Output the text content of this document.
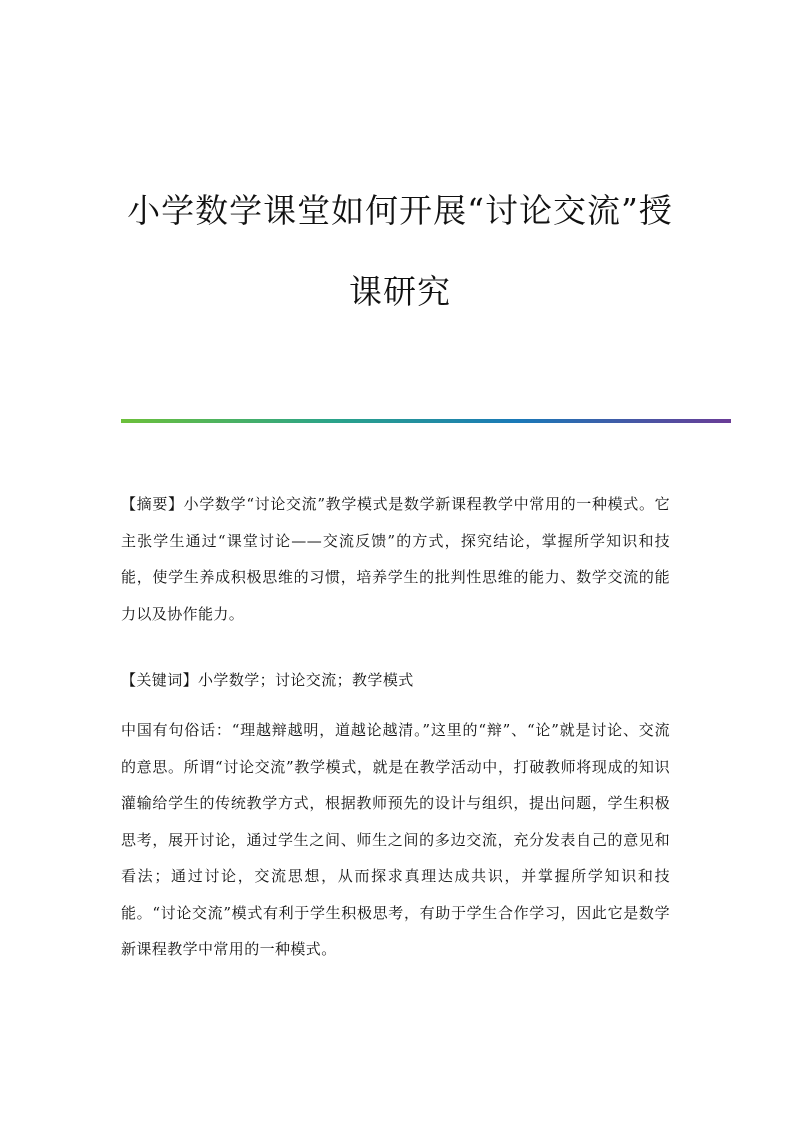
小学数学课堂如何开展“讨论交流”授
课研究

【摘要】小学数学“讨论交流”教学模式是数学新课程教学中常用的一种模式。它主张学生通过“课堂讨论——交流反馈”的方式，探究结论，掌握所学知识和技能，使学生养成积极思维的习惯，培养学生的批判性思维的能力、数学交流的能力以及协作能力。

【关键词】小学数学；讨论交流；教学模式

中国有句俗话：“理越辩越明，道越论越清。”这里的“辩”、“论”就是讨论、交流的意思。所谓“讨论交流”教学模式，就是在教学活动中，打破教师将现成的知识灌输给学生的传统教学方式，根据教师预先的设计与组织，提出问题，学生积极思考，展开讨论，通过学生之间、师生之间的多边交流，充分发表自己的意见和看法；通过讨论，交流思想，从而探求真理达成共识，并掌握所学知识和技能。“讨论交流”模式有利于学生积极思考，有助于学生合作学习，因此它是数学新课程教学中常用的一种模式。
